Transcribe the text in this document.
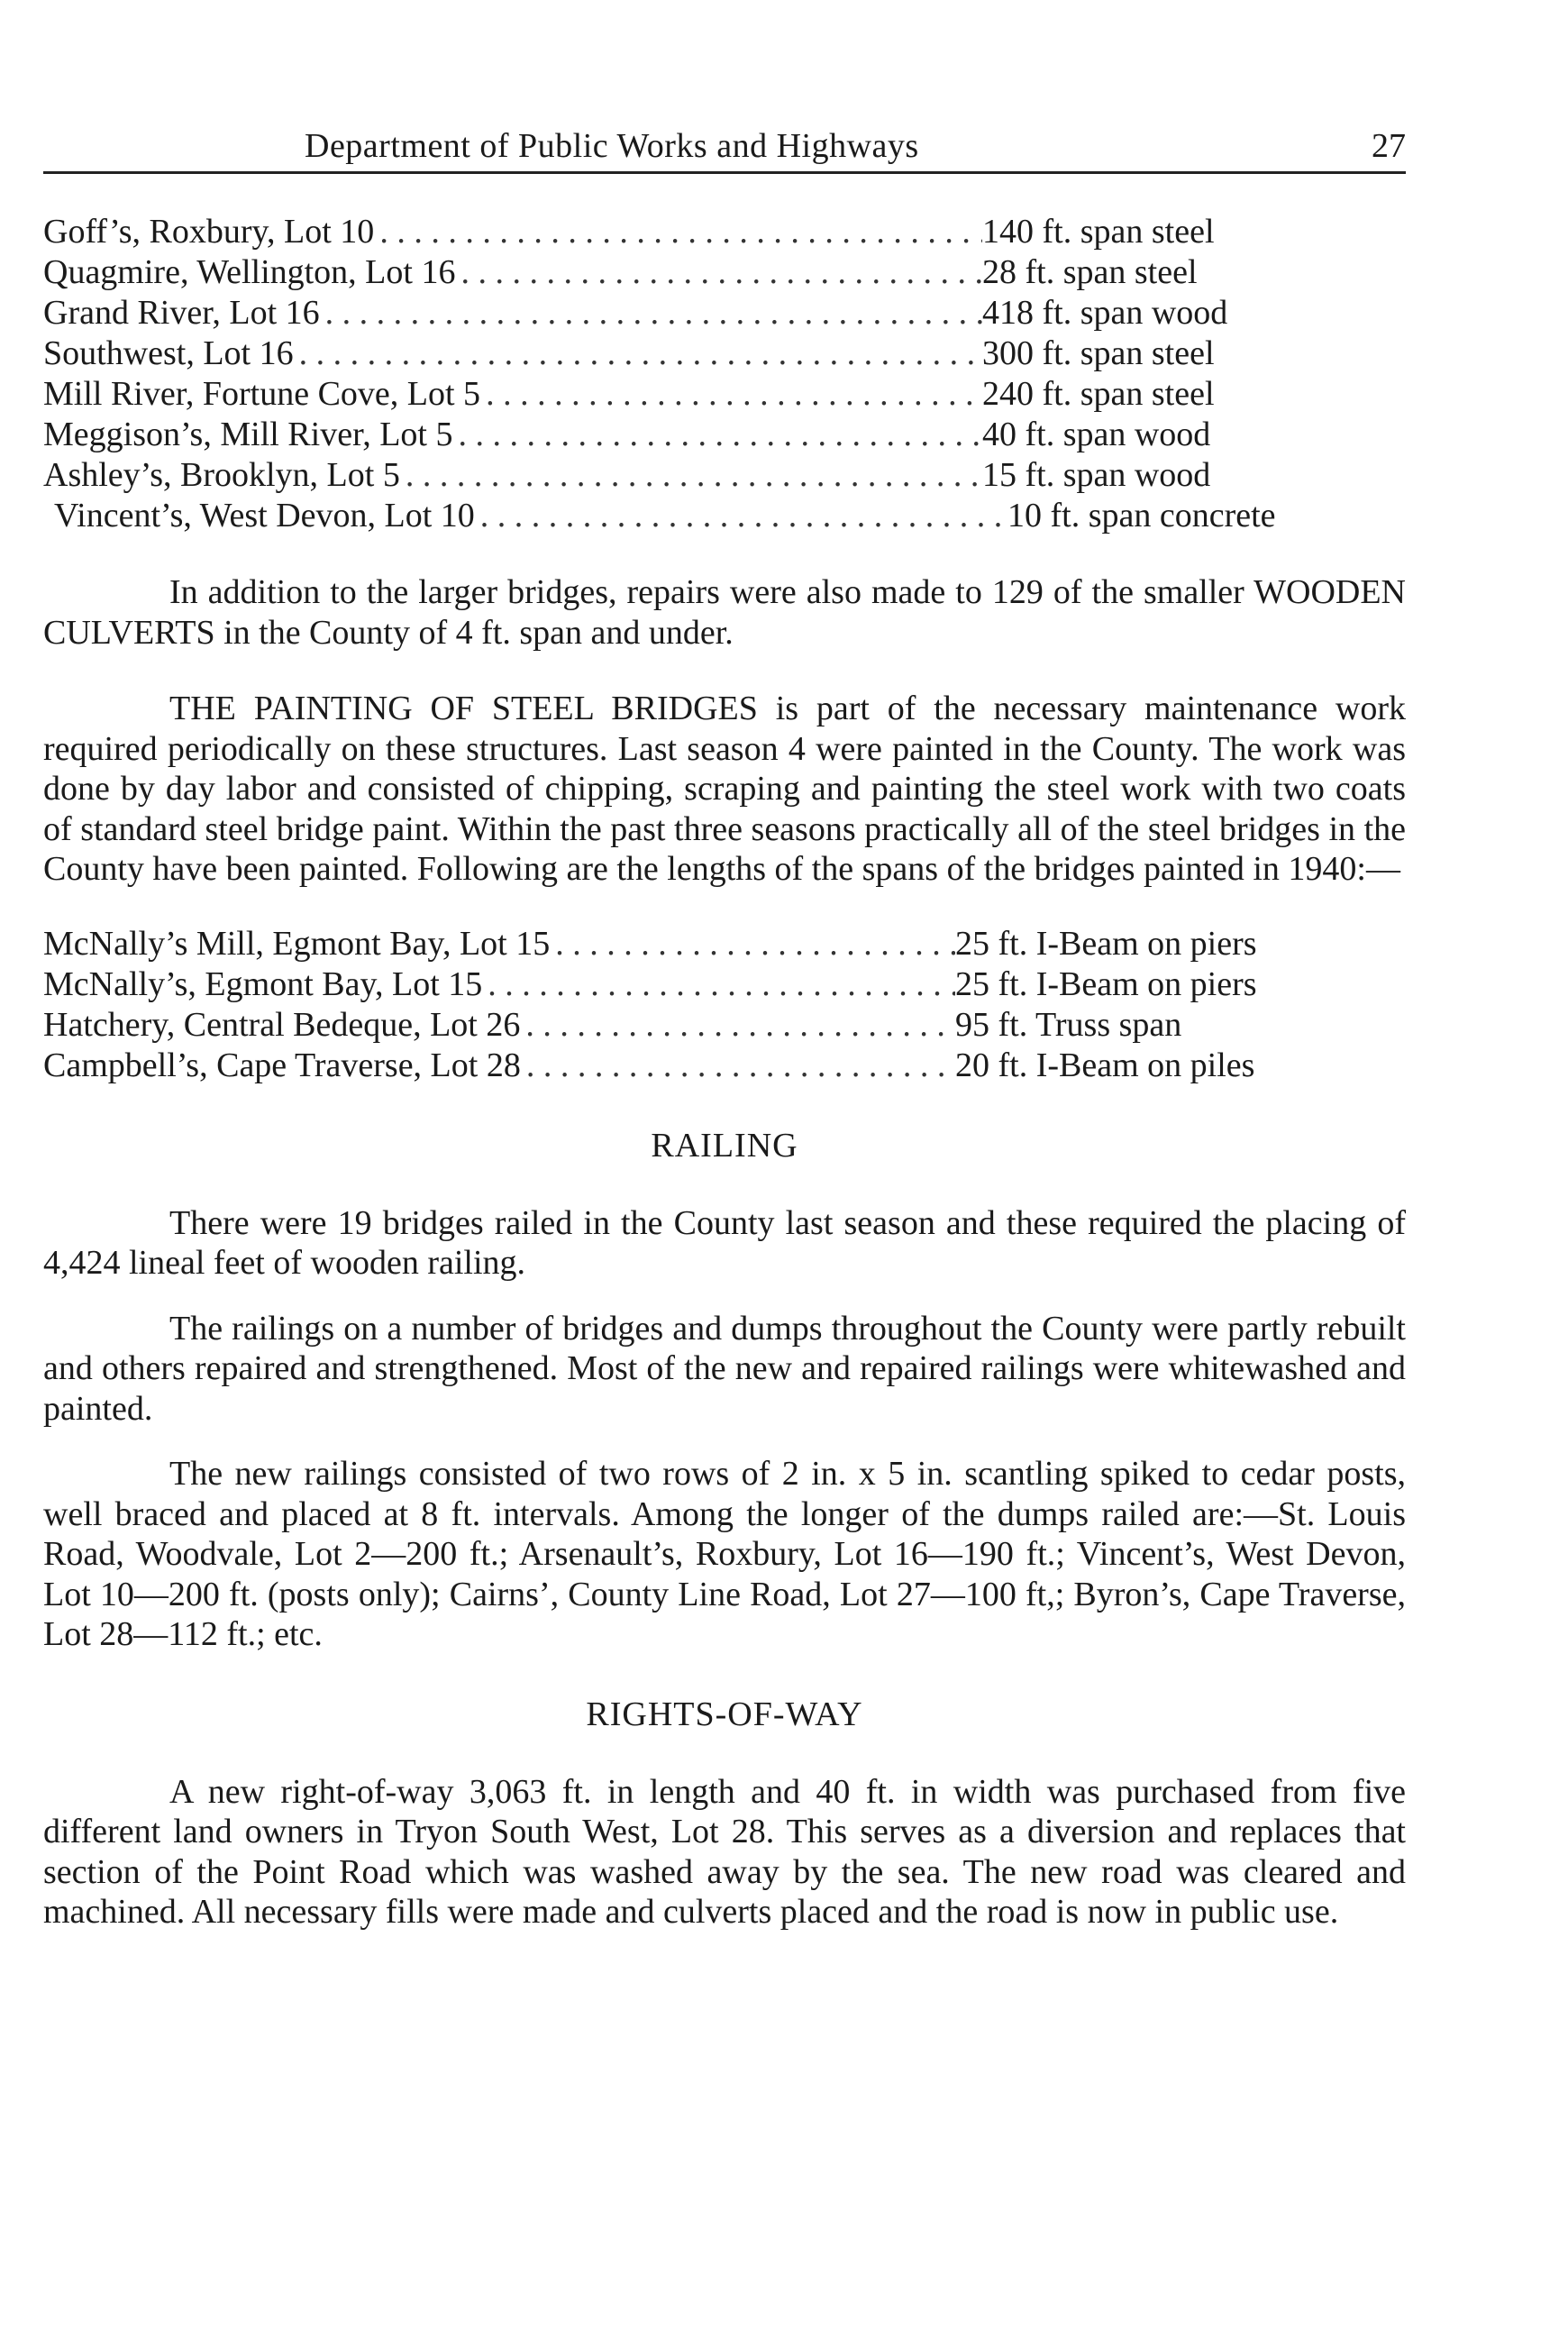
Department of Public Works and Highways	27
Goff’s, Roxbury, Lot 10 . . .	140 ft. span steel
Quagmire, Wellington, Lot 16 . . .	28 ft. span steel
Grand River, Lot 16 . . .	418 ft. span wood
Southwest, Lot 16 . . .	300 ft. span steel
Mill River, Fortune Cove, Lot 5 . . .	240 ft. span steel
Meggison’s, Mill River, Lot 5 . . .	40 ft. span wood
Ashley’s, Brooklyn, Lot 5 . . .	15 ft. span wood
Vincent’s, West Devon, Lot 10 . . .	10 ft. span concrete

In addition to the larger bridges, repairs were also made to 129 of the smaller WOODEN CULVERTS in the County of 4 ft. span and under.

THE PAINTING OF STEEL BRIDGES is part of the necessary maintenance work required periodically on these structures. Last season 4 were painted in the County. The work was done by day labor and consisted of chipping, scraping and painting the steel work with two coats of standard steel bridge paint. Within the past three seasons practically all of the steel bridges in the County have been painted. Following are the lengths of the spans of the bridges painted in 1940:—

McNally’s Mill, Egmont Bay, Lot 15 . . .	25 ft. I-Beam on piers
McNally’s, Egmont Bay, Lot 15 . . .	25 ft. I-Beam on piers
Hatchery, Central Bedeque, Lot 26 . . .	95 ft. Truss span
Campbell’s, Cape Traverse, Lot 28 . . .	20 ft. I-Beam on piles
RAILING

There were 19 bridges railed in the County last season and these required the placing of 4,424 lineal feet of wooden railing.

The railings on a number of bridges and dumps throughout the County were partly rebuilt and others repaired and strengthened. Most of the new and repaired railings were whitewashed and painted.

The new railings consisted of two rows of 2 in. x 5 in. scantling spiked to cedar posts, well braced and placed at 8 ft. intervals. Among the longer of the dumps railed are:—St. Louis Road, Woodvale, Lot 2—200 ft.; Arsenault’s, Roxbury, Lot 16—190 ft.; Vincent’s, West Devon, Lot 10—200 ft. (posts only); Cairns’, County Line Road, Lot 27—100 ft,; Byron’s, Cape Traverse, Lot 28—112 ft.; etc.

RIGHTS-OF-WAY

A new right-of-way 3,063 ft. in length and 40 ft. in width was purchased from five different land owners in Tryon South West, Lot 28. This serves as a diversion and replaces that section of the Point Road which was washed away by the sea. The new road was cleared and machined. All necessary fills were made and culverts placed and the road is now in public use.
